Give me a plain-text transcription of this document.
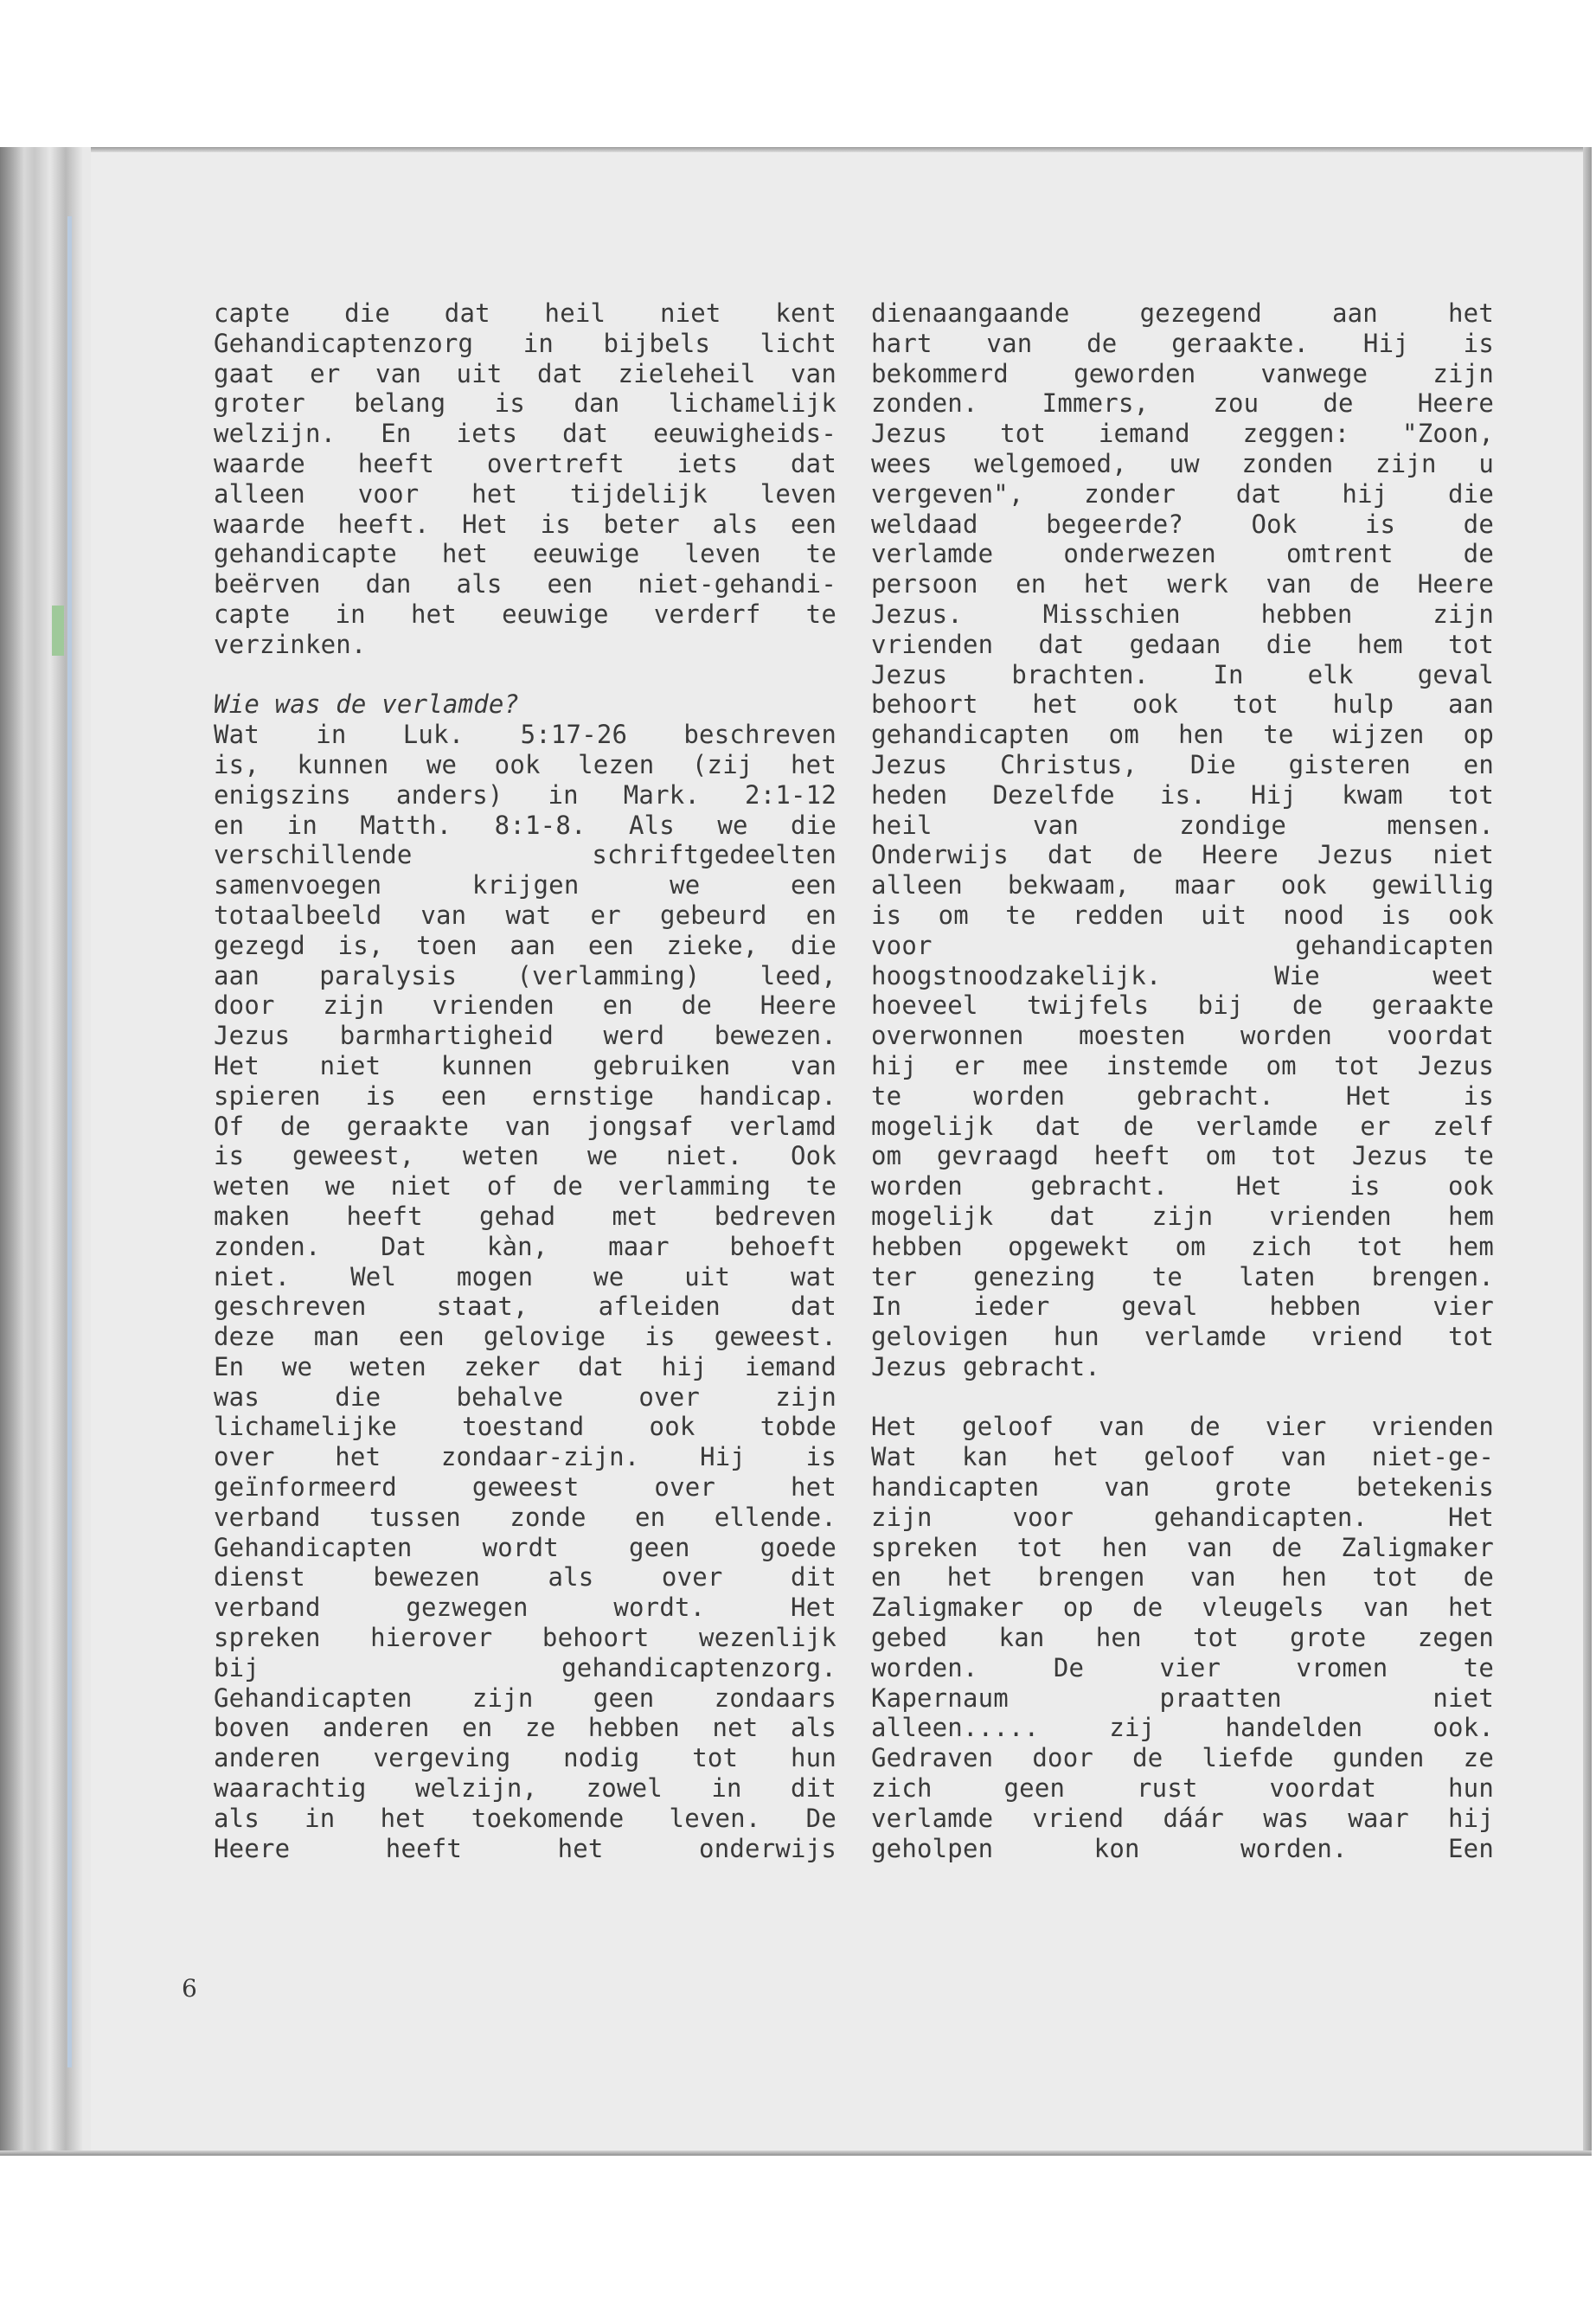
capte die dat heil niet kent
Gehandicaptenzorg in bijbels licht
gaat er van uit dat zieleheil van
groter belang is dan lichamelijk
welzijn. En iets dat eeuwigheids-
waarde heeft overtreft iets dat
alleen voor het tijdelijk leven
waarde heeft. Het is beter als een
gehandicapte het eeuwige leven te
beërven dan als een niet-gehandi-
capte in het eeuwige verderf te
verzinken.
Wie was de verlamde?
Wat in Luk. 5:17-26 beschreven
is, kunnen we ook lezen (zij het
enigszins anders) in Mark. 2:1-12
en in Matth. 8:1-8. Als we die
verschillende schriftgedeelten
samenvoegen krijgen we een
totaalbeeld van wat er gebeurd en
gezegd is, toen aan een zieke, die
aan paralysis (verlamming) leed,
door zijn vrienden en de Heere
Jezus barmhartigheid werd bewezen.
Het niet kunnen gebruiken van
spieren is een ernstige handicap.
Of de geraakte van jongsaf verlamd
is geweest, weten we niet. Ook
weten we niet of de verlamming te
maken heeft gehad met bedreven
zonden. Dat kàn, maar behoeft
niet. Wel mogen we uit wat
geschreven staat, afleiden dat
deze man een gelovige is geweest.
En we weten zeker dat hij iemand
was die behalve over zijn
lichamelijke toestand ook tobde
over het zondaar-zijn. Hij is
geïnformeerd geweest over het
verband tussen zonde en ellende.
Gehandicapten wordt geen goede
dienst bewezen als over dit
verband gezwegen wordt. Het
spreken hierover behoort wezenlijk
bij gehandicaptenzorg.
Gehandicapten zijn geen zondaars
boven anderen en ze hebben net als
anderen vergeving nodig tot hun
waarachtig welzijn, zowel in dit
als in het toekomende leven. De
Heere heeft het onderwijs
dienaangaande gezegend aan het
hart van de geraakte. Hij is
bekommerd geworden vanwege zijn
zonden. Immers, zou de Heere
Jezus tot iemand zeggen: "Zoon,
wees welgemoed, uw zonden zijn u
vergeven", zonder dat hij die
weldaad begeerde? Ook is de
verlamde onderwezen omtrent de
persoon en het werk van de Heere
Jezus. Misschien hebben zijn
vrienden dat gedaan die hem tot
Jezus brachten. In elk geval
behoort het ook tot hulp aan
gehandicapten om hen te wijzen op
Jezus Christus, Die gisteren en
heden Dezelfde is. Hij kwam tot
heil van zondige mensen.
Onderwijs dat de Heere Jezus niet
alleen bekwaam, maar ook gewillig
is om te redden uit nood is ook
voor gehandicapten
hoogstnoodzakelijk. Wie weet
hoeveel twijfels bij de geraakte
overwonnen moesten worden voordat
hij er mee instemde om tot Jezus
te worden gebracht. Het is
mogelijk dat de verlamde er zelf
om gevraagd heeft om tot Jezus te
worden gebracht. Het is ook
mogelijk dat zijn vrienden hem
hebben opgewekt om zich tot hem
ter genezing te laten brengen.
In ieder geval hebben vier
gelovigen hun verlamde vriend tot
Jezus gebracht.
Het geloof van de vier vrienden
Wat kan het geloof van niet-ge-
handicapten van grote betekenis
zijn voor gehandicapten. Het
spreken tot hen van de Zaligmaker
en het brengen van hen tot de
Zaligmaker op de vleugels van het
gebed kan hen tot grote zegen
worden. De vier vromen te
Kapernaum praatten niet
alleen..... zij handelden ook.
Gedraven door de liefde gunden ze
zich geen rust voordat hun
verlamde vriend dáár was waar hij
geholpen kon worden. Een
6
